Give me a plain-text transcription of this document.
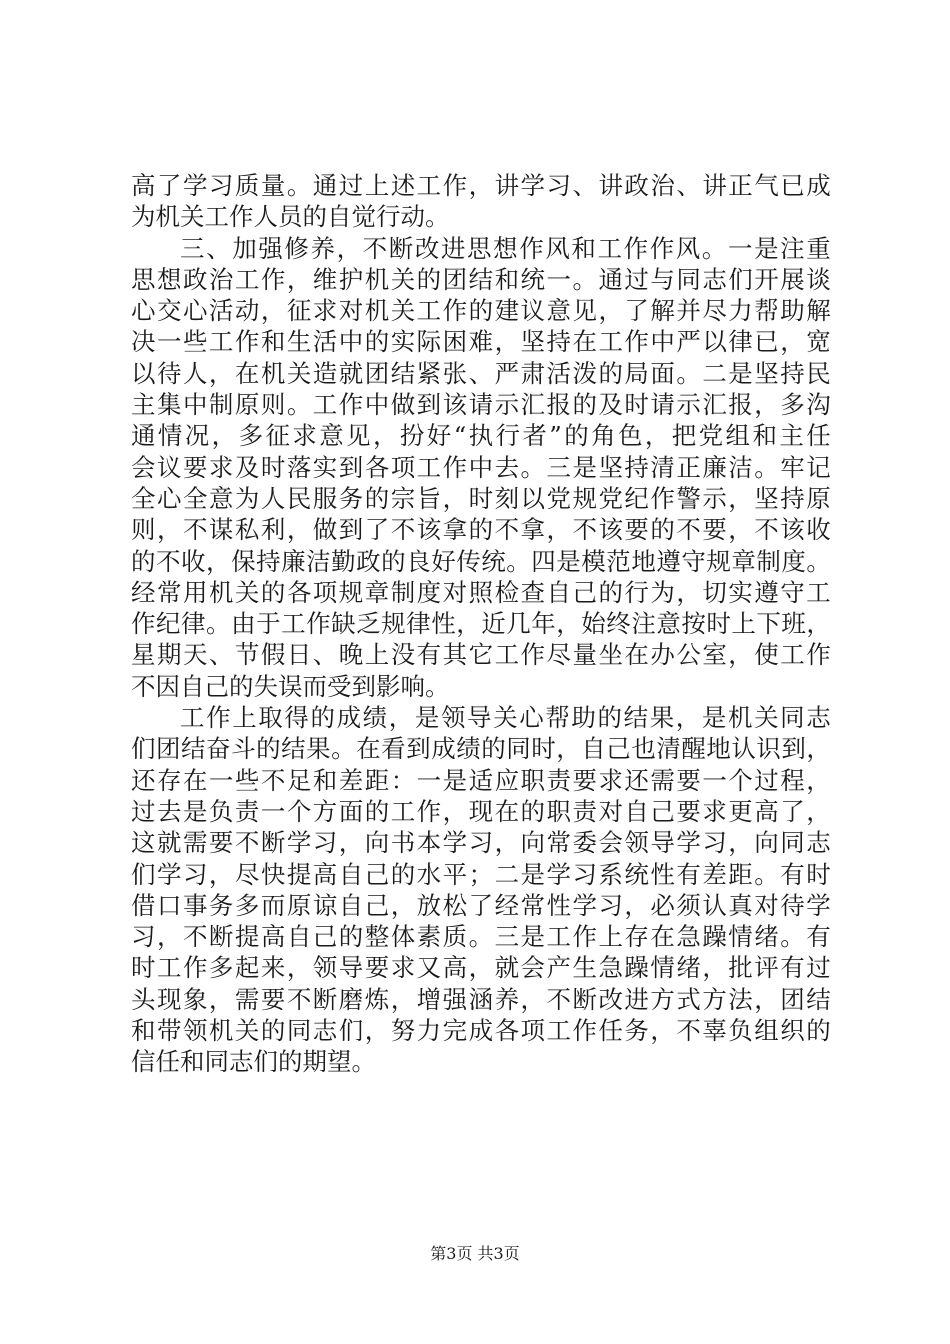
高 了 学 习 质 量 。 通 过 上 述 工 作 ， 讲 学 习 、 讲 政 治 、 讲 正 气 已 成
为机关工作人员的自觉行动。
三 、 加 强 修 养 ， 不 断 改 进 思 想 作 风 和 工 作 作 风 。 一 是 注 重
思 想 政 治 工 作 ， 维 护 机 关 的 团 结 和 统 一 。 通 过 与 同 志 们 开 展 谈
心 交 心 活 动 ， 征 求 对 机 关 工 作 的 建 议 意 见 ， 了 解 并 尽 力 帮 助 解
决 一 些 工 作 和 生 活 中 的 实 际 困 难 ， 坚 持 在 工 作 中 严 以 律 已 ， 宽
以 待 人 ， 在 机 关 造 就 团 结 紧 张 、 严 肃 活 泼 的 局 面 。 二 是 坚 持 民
主 集 中 制 原 则 。 工 作 中 做 到 该 请 示 汇 报 的 及 时 请 示 汇 报 ， 多 沟
通 情 况 ， 多 征 求 意 见 ， 扮 好 “ 执 行 者 ” 的 角 色 ， 把 党 组 和 主 任
会 议 要 求 及 时 落 实 到 各 项 工 作 中 去 。 三 是 坚 持 清 正 廉 洁 。 牢 记
全 心 全 意 为 人 民 服 务 的 宗 旨 ， 时 刻 以 党 规 党 纪 作 警 示 ， 坚 持 原
则 ， 不 谋 私 利 ， 做 到 了 不 该 拿 的 不 拿 ， 不 该 要 的 不 要 ， 不 该 收
的 不 收 ， 保 持 廉 洁 勤 政 的 良 好 传 统 。 四 是 模 范 地 遵 守 规 章 制 度 。
经 常 用 机 关 的 各 项 规 章 制 度 对 照 检 查 自 己 的 行 为 ， 切 实 遵 守 工
作 纪 律 。 由 于 工 作 缺 乏 规 律 性 ， 近 几 年 ， 始 终 注 意 按 时 上 下 班 ，
星 期 天 、 节 假 日 、 晚 上 没 有 其 它 工 作 尽 量 坐 在 办 公 室 ， 使 工 作
不因自己的失误而受到影响。
工 作 上 取 得 的 成 绩 ， 是 领 导 关 心 帮 助 的 结 果 ， 是 机 关 同 志
们 团 结 奋 斗 的 结 果 。 在 看 到 成 绩 的 同 时 ， 自 己 也 清 醒 地 认 识 到 ，
还 存 在 一 些 不 足 和 差 距 ： 一 是 适 应 职 责 要 求 还 需 要 一 个 过 程 ，
过 去 是 负 责 一 个 方 面 的 工 作 ， 现 在 的 职 责 对 自 己 要 求 更 高 了 ，
这 就 需 要 不 断 学 习 ， 向 书 本 学 习 ， 向 常 委 会 领 导 学 习 ， 向 同 志
们 学 习 ， 尽 快 提 高 自 己 的 水 平 ； 二 是 学 习 系 统 性 有 差 距 。 有 时
借 口 事 务 多 而 原 谅 自 己 ， 放 松 了 经 常 性 学 习 ， 必 须 认 真 对 待 学
习 ， 不 断 提 高 自 己 的 整 体 素 质 。 三 是 工 作 上 存 在 急 躁 情 绪 。 有
时 工 作 多 起 来 ， 领 导 要 求 又 高 ， 就 会 产 生 急 躁 情 绪 ， 批 评 有 过
头 现 象 ， 需 要 不 断 磨 炼 ， 增 强 涵 养 ， 不 断 改 进 方 式 方 法 ， 团 结
和 带 领 机 关 的 同 志 们 ， 努 力 完 成 各 项 工 作 任 务 ， 不 辜 负 组 织 的
信任和同志们的期望。
第3页 共3页
